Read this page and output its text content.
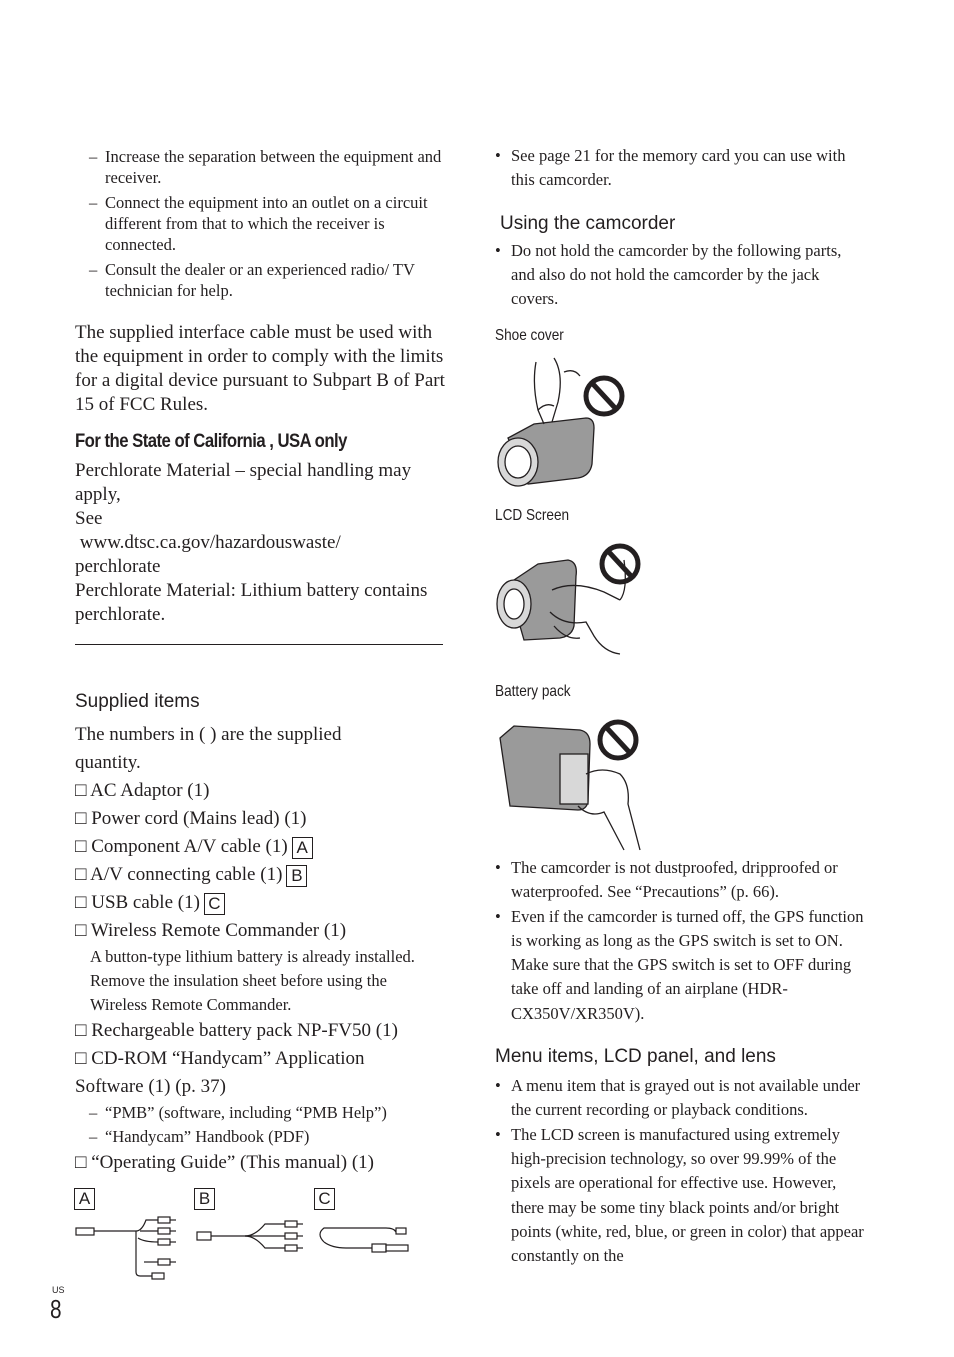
– Increase the separation between the equipment and receiver.
– Connect the equipment into an outlet on a circuit different from that to which the receiver is connected.
– Consult the dealer or an experienced radio/ TV technician for help.

The supplied interface cable must be used with the equipment in order to comply with the limits for a digital device pursuant to Subpart B of Part 15 of FCC Rules.

For the State of California , USA only
Perchlorate Material – special handling may apply,
See
www.dtsc.ca.gov/hazardouswaste/
perchlorate
Perchlorate Material: Lithium battery contains perchlorate.
Supplied items
The numbers in ( ) are the supplied quantity.
□ AC Adaptor (1)
□ Power cord (Mains lead) (1)
□ Component A/V cable (1) A
□ A/V connecting cable (1) B
□ USB cable (1) C
□ Wireless Remote Commander (1)
A button-type lithium battery is already installed. Remove the insulation sheet before using the Wireless Remote Commander.
□ Rechargeable battery pack NP-FV50 (1)
□ CD-ROM “Handycam” Application Software (1) (p. 37)
– “PMB” (software, including “PMB Help”)
– “Handycam” Handbook (PDF)
□ “Operating Guide” (This manual) (1)
A	B	C
• See page 21 for the memory card you can use with this camcorder.
Using the camcorder
• Do not hold the camcorder by the following parts, and also do not hold the camcorder by the jack covers.
Shoe cover
LCD Screen
Battery pack
• The camcorder is not dustproofed, dripproofed or waterproofed. See “Precautions” (p. 66).
• Even if the camcorder is turned off, the GPS function is working as long as the GPS switch is set to ON. Make sure that the GPS switch is set to OFF during take off and landing of an airplane (HDR-CX350V/XR350V).
Menu items, LCD panel, and lens
• A menu item that is grayed out is not available under the current recording or playback conditions.
• The LCD screen is manufactured using extremely high-precision technology, so over 99.99% of the pixels are operational for effective use. However, there may be some tiny black points and/or bright points (white, red, blue, or green in color) that appear constantly on the
US
8
